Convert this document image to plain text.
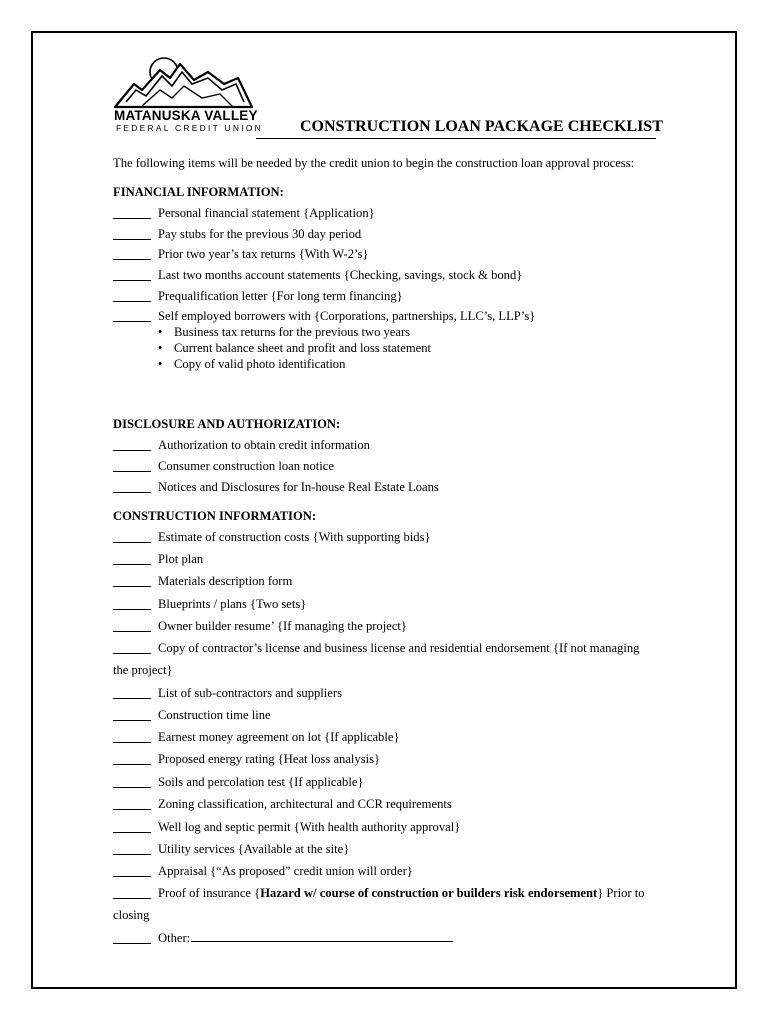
MATANUSKA VALLEY
FEDERAL CREDIT UNION CONSTRUCTION LOAN PACKAGE CHECKLIST
The following items will be needed by the credit union to begin the construction loan approval process:
FINANCIAL INFORMATION:
Personal financial statement {Application}
Pay stubs for the previous 30 day period
Prior two year’s tax returns {With W-2’s}
Last two months account statements {Checking, savings, stock & bond}
Prequalification letter {For long term financing}
Self employed borrowers with {Corporations, partnerships, LLC’s, LLP’s}
• Business tax returns for the previous two years
• Current balance sheet and profit and loss statement
• Copy of valid photo identification
DISCLOSURE AND AUTHORIZATION:
Authorization to obtain credit information
Consumer construction loan notice
Notices and Disclosures for In-house Real Estate Loans
CONSTRUCTION INFORMATION:
Estimate of construction costs {With supporting bids}
Plot plan
Materials description form
Blueprints / plans {Two sets}
Owner builder resume’ {If managing the project}
Copy of contractor’s license and business license and residential endorsement {If not managing
the project}
List of sub-contractors and suppliers
Construction time line
Earnest money agreement on lot {If applicable}
Proposed energy rating {Heat loss analysis}
Soils and percolation test {If applicable}
Zoning classification, architectural and CCR requirements
Well log and septic permit {With health authority approval}
Utility services {Available at the site}
Appraisal {“As proposed” credit union will order}
Proof of insurance {Hazard w/ course of construction or builders risk endorsement} Prior to
closing
Other:
